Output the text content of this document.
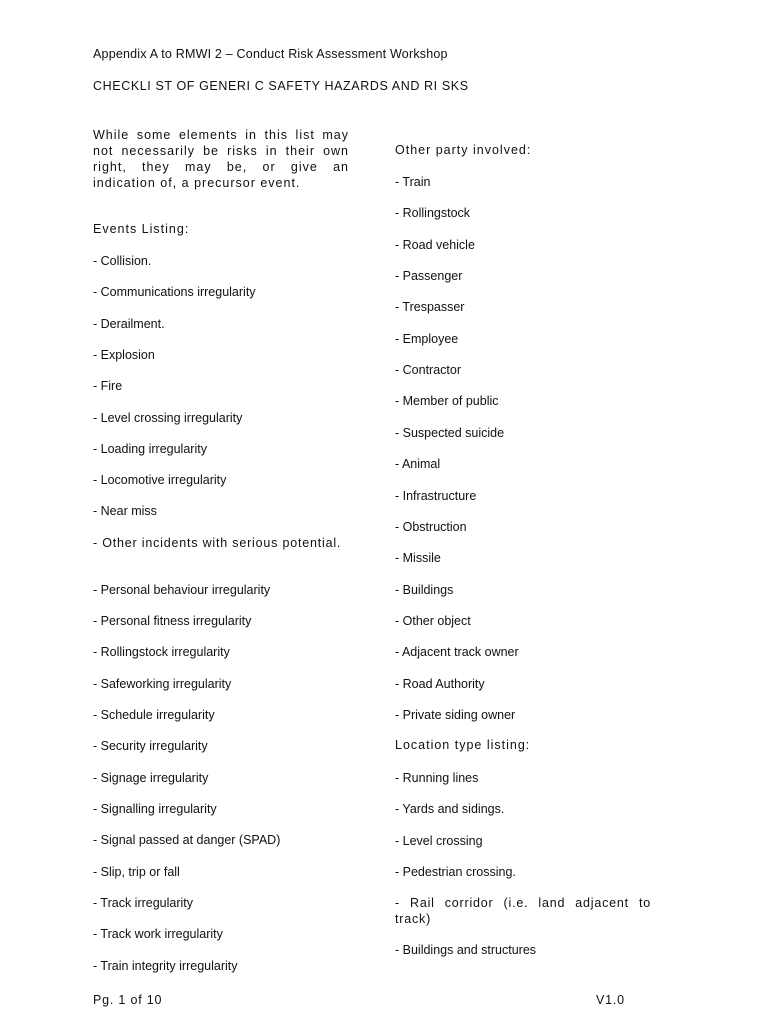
Appendix A to RMWI 2 – Conduct Risk Assessment Workshop
CHECKLI ST OF GENERI C SAFETY HAZARDS AND RI SKS
While some elements in this list may not necessarily be risks in their own right, they may be, or give an indication of, a precursor event.
Events Listing:
- Collision.
- Communications irregularity
- Derailment.
- Explosion
- Fire
- Level crossing irregularity
- Loading irregularity
- Locomotive irregularity
- Near miss
- Other incidents with serious potential.
- Personal behaviour irregularity
- Personal fitness irregularity
- Rollingstock irregularity
- Safeworking irregularity
- Schedule irregularity
- Security irregularity
- Signage irregularity
- Signalling irregularity
- Signal passed at danger (SPAD)
- Slip, trip or fall
- Track irregularity
- Track work irregularity
- Train integrity irregularity
Other party involved:
- Train
- Rollingstock
- Road vehicle
- Passenger
- Trespasser
- Employee
- Contractor
- Member of public
- Suspected suicide
- Animal
- Infrastructure
- Obstruction
- Missile
- Buildings
- Other object
- Adjacent track owner
- Road Authority
- Private siding owner
Location type listing:
- Running lines
- Yards and sidings.
- Level crossing
- Pedestrian crossing.
- Rail corridor (i.e. land adjacent to track)
- Buildings and structures
Pg. 1 of 10	V1.0
